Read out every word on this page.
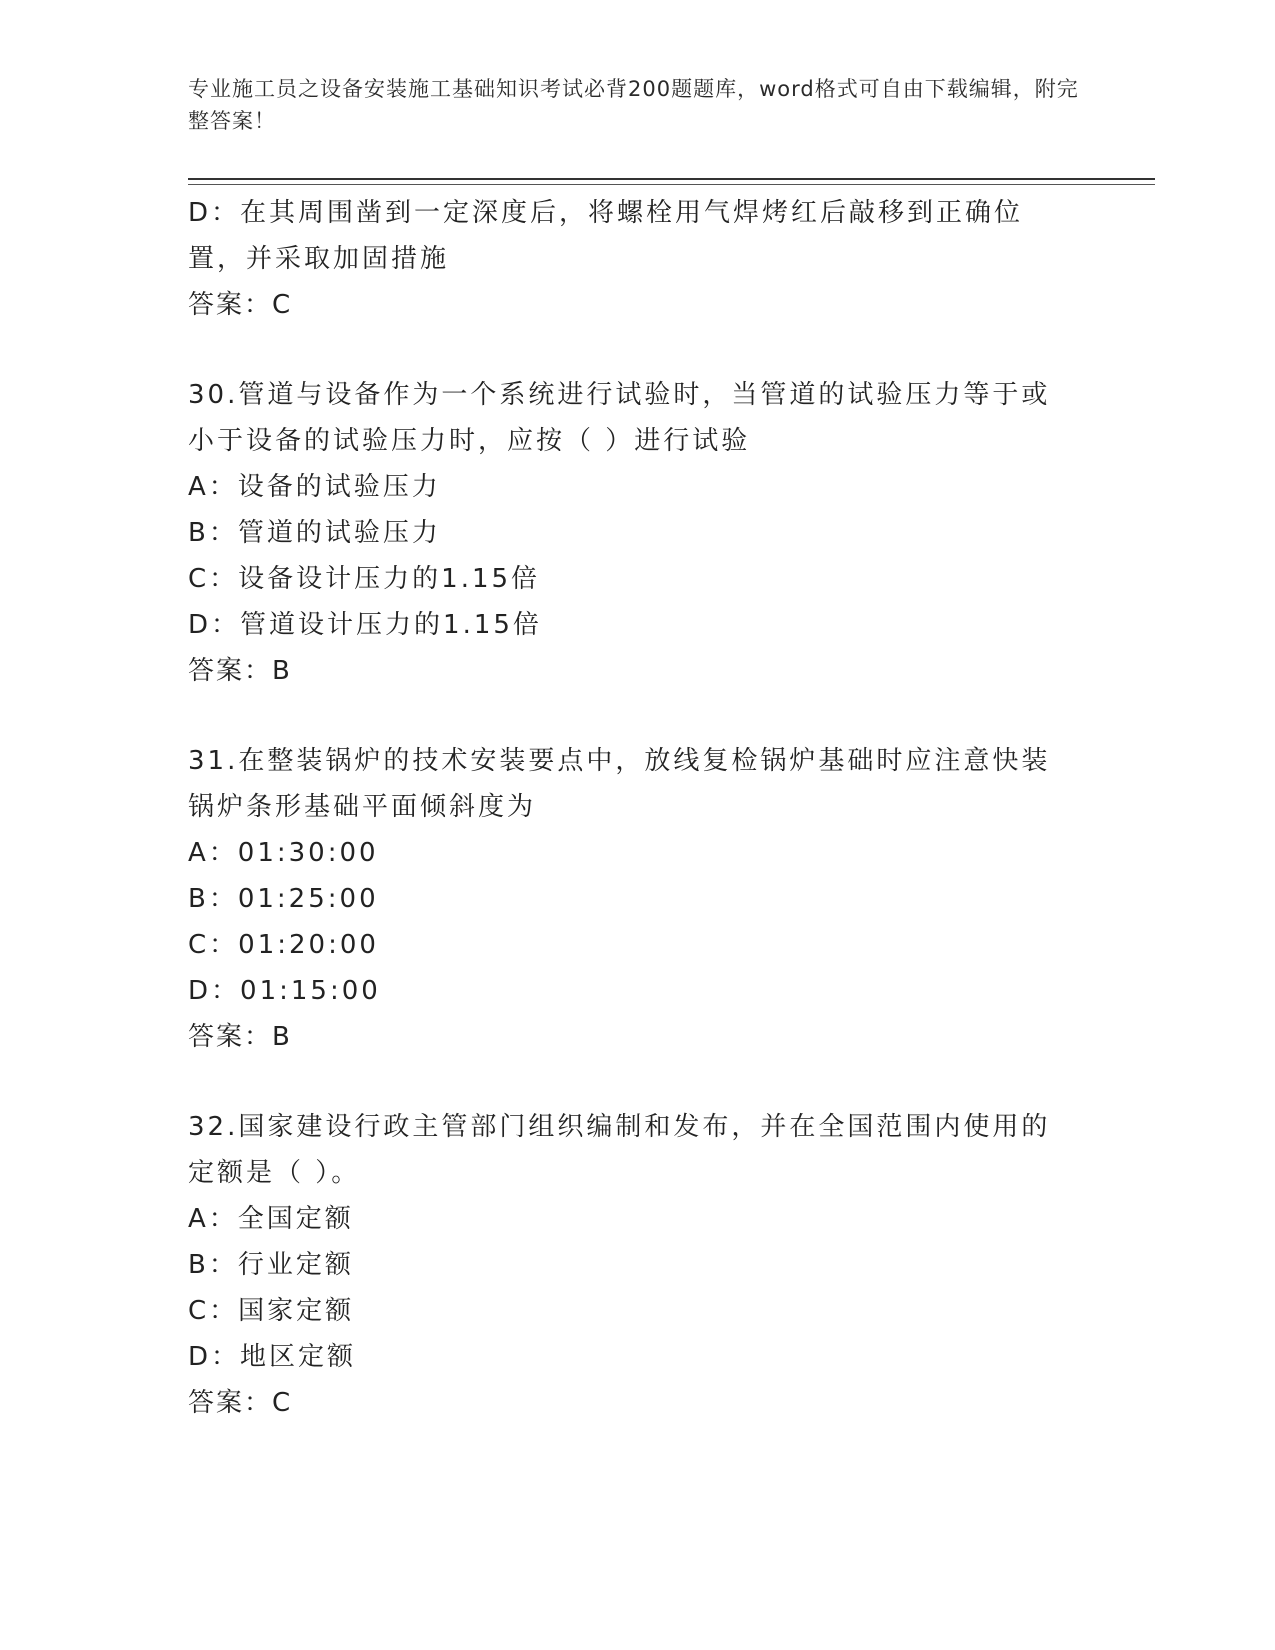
专业施工员之设备安装施工基础知识考试必背200题题库，word格式可自由下载编辑，附完整答案！
D：在其周围凿到一定深度后，将螺栓用气焊烤红后敲移到正确位置，并采取加固措施
答案：C
30.管道与设备作为一个系统进行试验时，当管道的试验压力等于或小于设备的试验压力时，应按（ ）进行试验
A：设备的试验压力
B：管道的试验压力
C：设备设计压力的1.15倍
D：管道设计压力的1.15倍
答案：B
31.在整装锅炉的技术安装要点中，放线复检锅炉基础时应注意快装锅炉条形基础平面倾斜度为
A：01:30:00
B：01:25:00
C：01:20:00
D：01:15:00
答案：B
32.国家建设行政主管部门组织编制和发布，并在全国范围内使用的定额是（ ）。
A：全国定额
B：行业定额
C：国家定额
D：地区定额
答案：C
